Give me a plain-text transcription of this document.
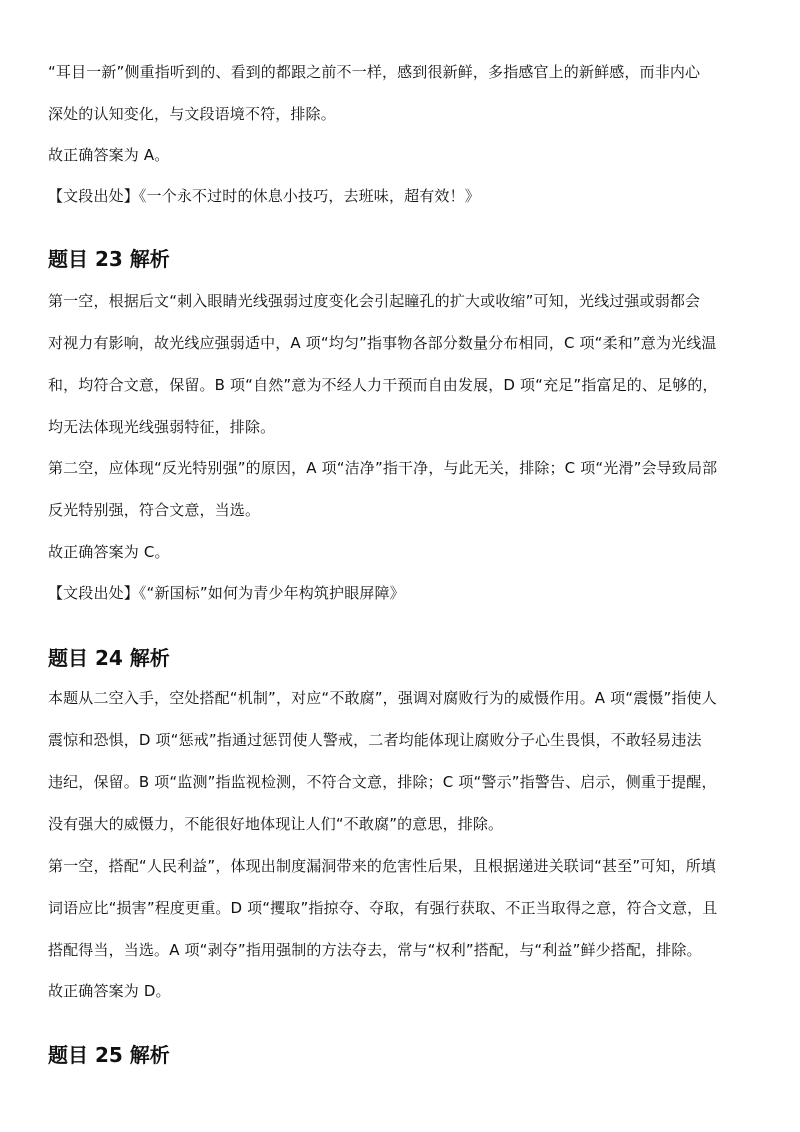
“耳目一新”侧重指听到的、看到的都跟之前不一样，感到很新鲜，多指感官上的新鲜感，而非内心
深处的认知变化，与文段语境不符，排除。
故正确答案为 A。
【文段出处】《一个永不过时的休息小技巧，去班味，超有效！》
题目 23 解析
第一空，根据后文“刺入眼睛光线强弱过度变化会引起瞳孔的扩大或收缩”可知，光线过强或弱都会
对视力有影响，故光线应强弱适中，A 项“均匀”指事物各部分数量分布相同，C 项“柔和”意为光线温
和，均符合文意，保留。B 项“自然”意为不经人力干预而自由发展，D 项“充足”指富足的、足够的，
均无法体现光线强弱特征，排除。
第二空，应体现“反光特别强”的原因，A 项“洁净”指干净，与此无关，排除；C 项“光滑”会导致局部
反光特别强，符合文意，当选。
故正确答案为 C。
【文段出处】《“新国标”如何为青少年构筑护眼屏障》
题目 24 解析
本题从二空入手，空处搭配“机制”，对应“不敢腐”，强调对腐败行为的威慑作用。A 项“震慑”指使人
震惊和恐惧，D 项“惩戒”指通过惩罚使人警戒，二者均能体现让腐败分子心生畏惧，不敢轻易违法
违纪，保留。B 项“监测”指监视检测，不符合文意，排除；C 项“警示”指警告、启示，侧重于提醒，
没有强大的威慑力，不能很好地体现让人们“不敢腐”的意思，排除。
第一空，搭配“人民利益”，体现出制度漏洞带来的危害性后果，且根据递进关联词“甚至”可知，所填
词语应比“损害”程度更重。D 项“攫取”指掠夺、夺取，有强行获取、不正当取得之意，符合文意，且
搭配得当，当选。A 项“剥夺”指用强制的方法夺去，常与“权利”搭配，与“利益”鲜少搭配，排除。
故正确答案为 D。
题目 25 解析
